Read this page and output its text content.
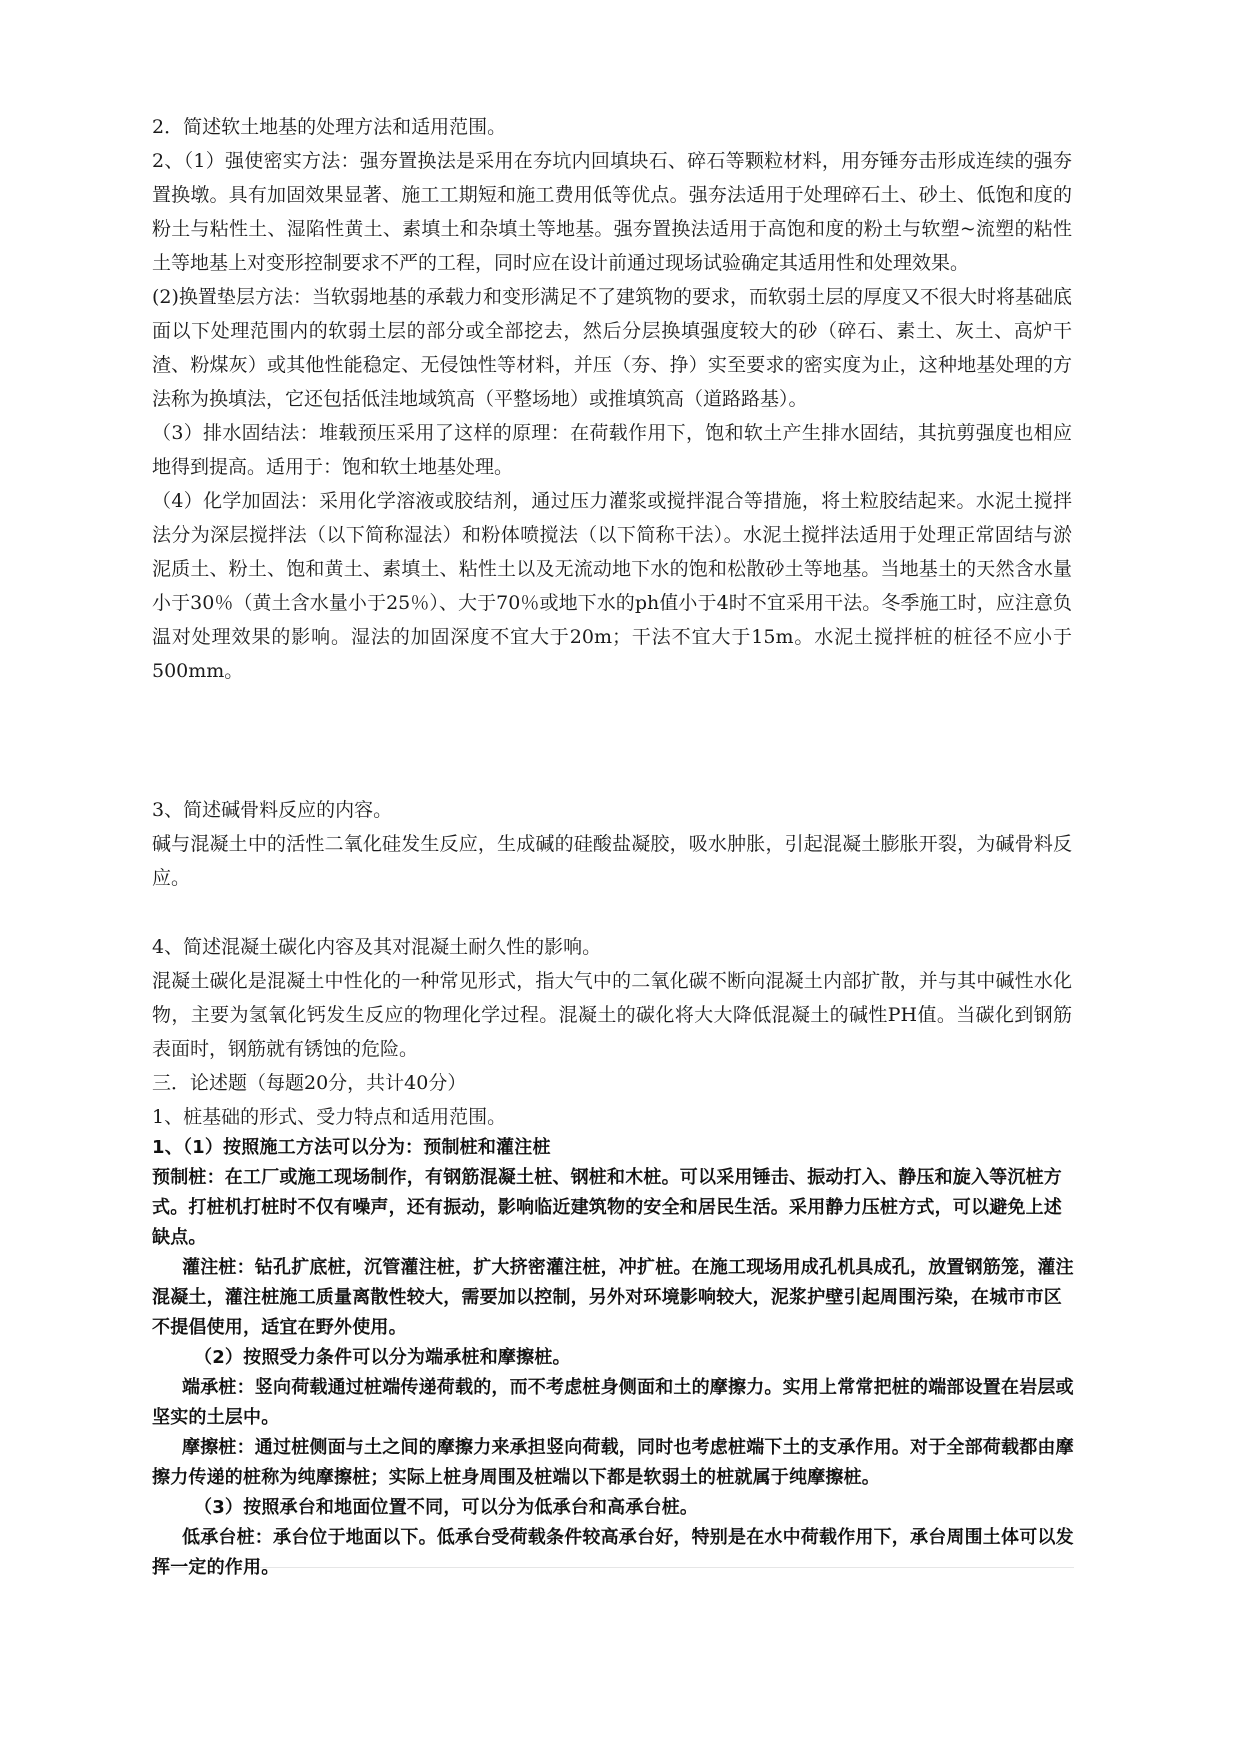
2．简述软土地基的处理方法和适用范围。

2、（1）强使密实方法：强夯置换法是采用在夯坑内回填块石、碎石等颗粒材料，用夯锤夯击形成连续的强夯置换墩。具有加固效果显著、施工工期短和施工费用低等优点。强夯法适用于处理碎石土、砂土、低饱和度的粉土与粘性土、湿陷性黄土、素填土和杂填土等地基。强夯置换法适用于高饱和度的粉土与软塑~流塑的粘性土等地基上对变形控制要求不严的工程，同时应在设计前通过现场试验确定其适用性和处理效果。

(2)换置垫层方法：当软弱地基的承载力和变形满足不了建筑物的要求，而软弱土层的厚度又不很大时将基础底面以下处理范围内的软弱土层的部分或全部挖去，然后分层换填强度较大的砂（碎石、素土、灰土、高炉干渣、粉煤灰）或其他性能稳定、无侵蚀性等材料，并压（夯、挣）实至要求的密实度为止，这种地基处理的方法称为换填法，它还包括低洼地域筑高（平整场地）或推填筑高（道路路基）。

（3）排水固结法：堆载预压采用了这样的原理：在荷载作用下，饱和软土产生排水固结，其抗剪强度也相应地得到提高。适用于：饱和软土地基处理。

（4）化学加固法：采用化学溶液或胶结剂，通过压力灌浆或搅拌混合等措施，将土粒胶结起来。水泥土搅拌法分为深层搅拌法（以下简称湿法）和粉体喷搅法（以下简称干法）。水泥土搅拌法适用于处理正常固结与淤泥质土、粉土、饱和黄土、素填土、粘性土以及无流动地下水的饱和松散砂土等地基。当地基土的天然含水量小于30％（黄土含水量小于25％）、大于70％或地下水的ph值小于4时不宜采用干法。冬季施工时，应注意负温对处理效果的影响。湿法的加固深度不宜大于20m；干法不宜大于15m。水泥土搅拌桩的桩径不应小于500mm。

3、简述碱骨料反应的内容。

碱与混凝土中的活性二氧化硅发生反应，生成碱的硅酸盐凝胶，吸水肿胀，引起混凝土膨胀开裂，为碱骨料反应。

4、简述混凝土碳化内容及其对混凝土耐久性的影响。

混凝土碳化是混凝土中性化的一种常见形式，指大气中的二氧化碳不断向混凝土内部扩散，并与其中碱性水化物，主要为氢氧化钙发生反应的物理化学过程。混凝土的碳化将大大降低混凝土的碱性PH值。当碳化到钢筋表面时，钢筋就有锈蚀的危险。

三．论述题（每题20分，共计40分）

1、桩基础的形式、受力特点和适用范围。

1、（1）按照施工方法可以分为：预制桩和灌注桩

预制桩：在工厂或施工现场制作，有钢筋混凝土桩、钢桩和木桩。可以采用锤击、振动打入、静压和旋入等沉桩方式。打桩机打桩时不仅有噪声，还有振动，影响临近建筑物的安全和居民生活。采用静力压桩方式，可以避免上述缺点。

灌注桩：钻孔扩底桩，沉管灌注桩，扩大挤密灌注桩，冲扩桩。在施工现场用成孔机具成孔，放置钢筋笼，灌注混凝土，灌注桩施工质量离散性较大，需要加以控制，另外对环境影响较大，泥浆护壁引起周围污染，在城市市区不提倡使用，适宜在野外使用。

（2）按照受力条件可以分为端承桩和摩擦桩。

端承桩：竖向荷载通过桩端传递荷载的，而不考虑桩身侧面和土的摩擦力。实用上常常把桩的端部设置在岩层或坚实的土层中。

摩擦桩：通过桩侧面与土之间的摩擦力来承担竖向荷载，同时也考虑桩端下土的支承作用。对于全部荷载都由摩擦力传递的桩称为纯摩擦桩；实际上桩身周围及桩端以下都是软弱土的桩就属于纯摩擦桩。

（3）按照承台和地面位置不同，可以分为低承台和高承台桩。

低承台桩：承台位于地面以下。低承台受荷载条件较高承台好，特别是在水中荷载作用下，承台周围土体可以发挥一定的作用。
